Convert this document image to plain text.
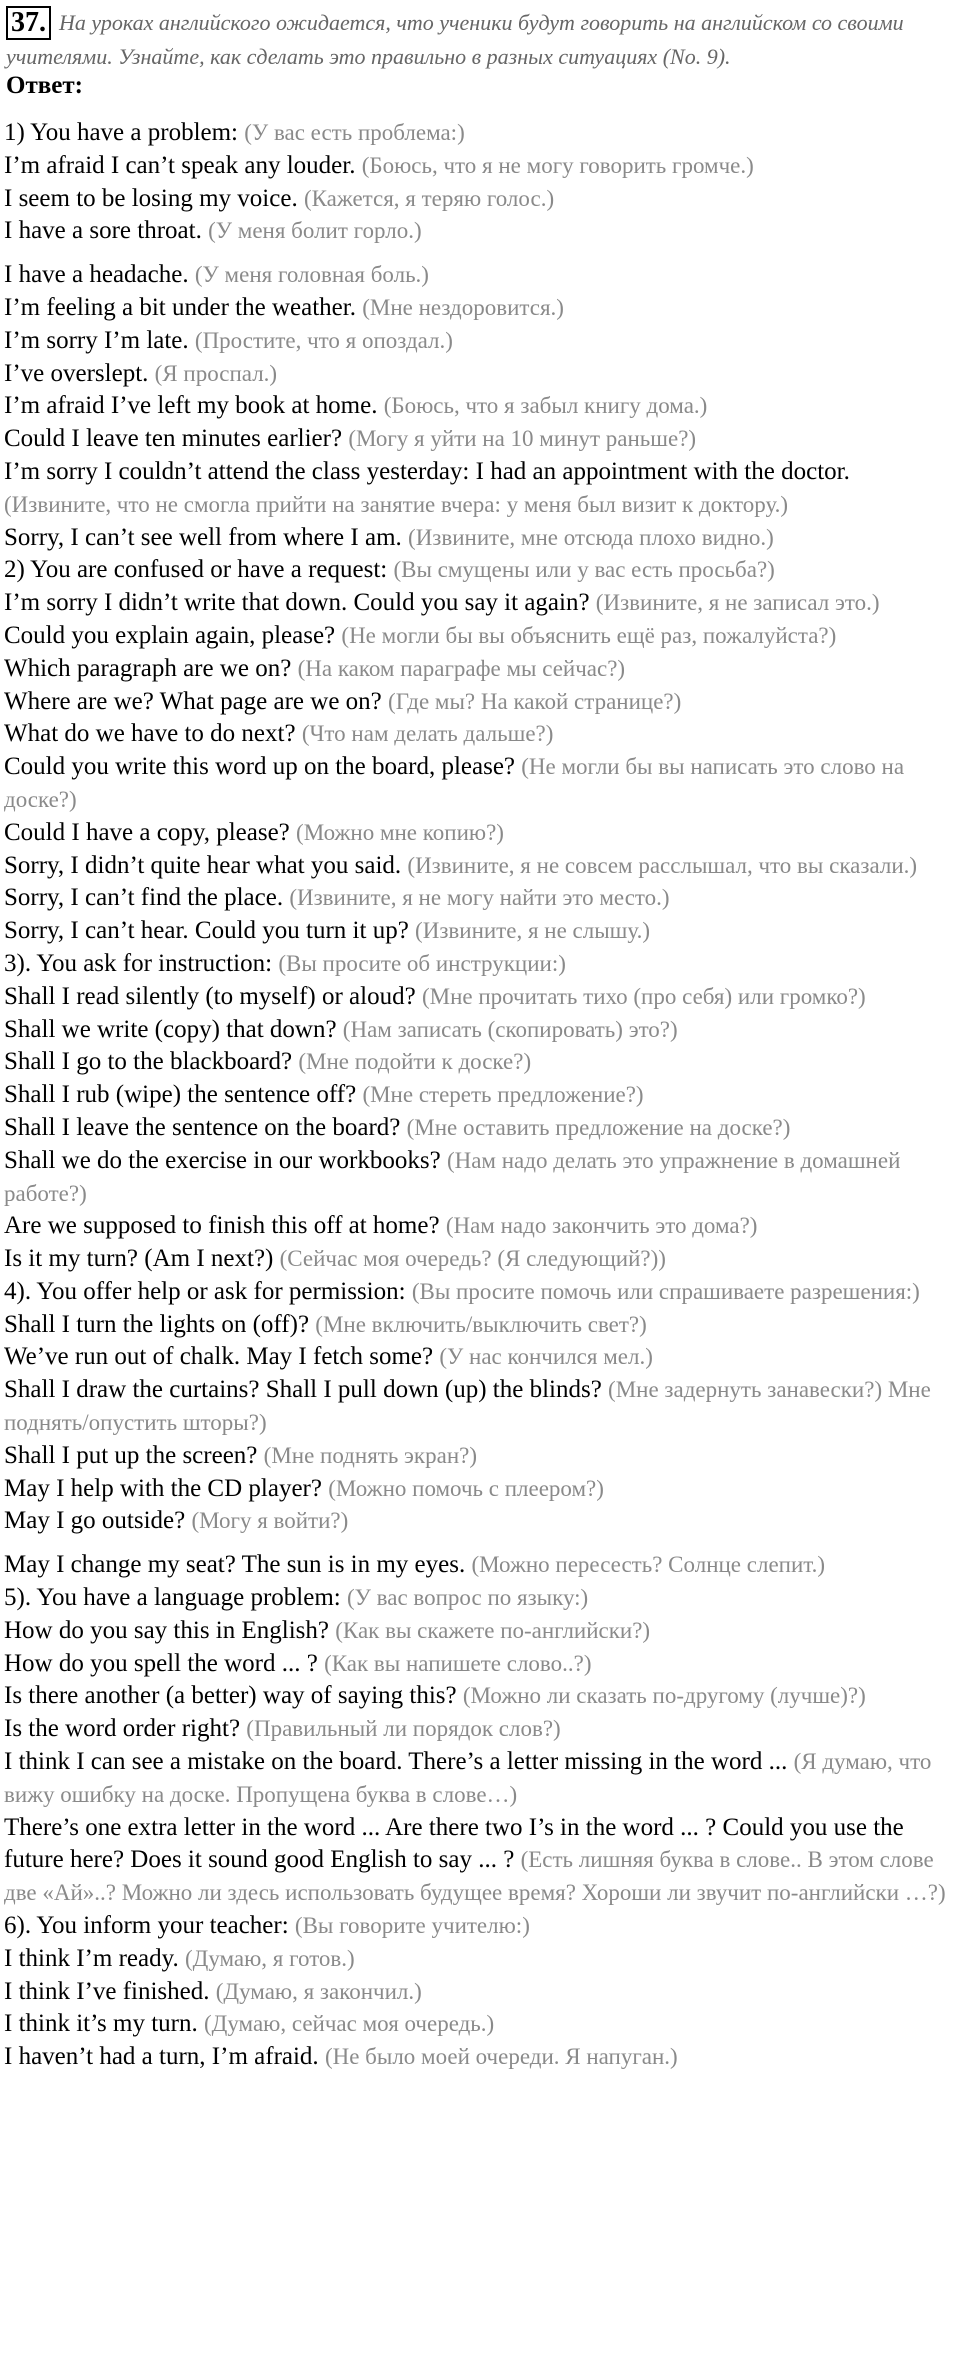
37. На уроках английского ожидается, что ученики будут говорить на английском со своими учителями. Узнайте, как сделать это правильно в разных ситуациях (No. 9).
Ответ:
1) You have a problem: (У вас есть проблема:)
I’m afraid I can’t speak any louder. (Боюсь, что я не могу говорить громче.)
I seem to be losing my voice. (Кажется, я теряю голос.)
I have a sore throat. (У меня болит горло.)
I have a headache. (У меня головная боль.)
I’m feeling a bit under the weather. (Мне нездоровится.)
I’m sorry I’m late. (Простите, что я опоздал.)
I’ve overslept. (Я проспал.)
I’m afraid I’ve left my book at home. (Боюсь, что я забыл книгу дома.)
Could I leave ten minutes earlier? (Могу я уйти на 10 минут раньше?)
I’m sorry I couldn’t attend the class yesterday: I had an appointment with the doctor. (Извините, что не смогла прийти на занятие вчера: у меня был визит к доктору.)
Sorry, I can’t see well from where I am. (Извините, мне отсюда плохо видно.)
2) You are confused or have a request: (Вы смущены или у вас есть просьба?)
I’m sorry I didn’t write that down. Could you say it again? (Извините, я не записал это.)
Could you explain again, please? (Не могли бы вы объяснить ещё раз, пожалуйста?)
Which paragraph are we on? (На каком параграфе мы сейчас?)
Where are we? What page are we on? (Где мы? На какой странице?)
What do we have to do next? (Что нам делать дальше?)
Could you write this word up on the board, please? (Не могли бы вы написать это слово на доске?)
Could I have a copy, please? (Можно мне копию?)
Sorry, I didn’t quite hear what you said. (Извините, я не совсем расслышал, что вы сказали.)
Sorry, I can’t find the place. (Извините, я не могу найти это место.)
Sorry, I can’t hear. Could you turn it up? (Извините, я не слышу.)
3). You ask for instruction: (Вы просите об инструкции:)
Shall I read silently (to myself) or aloud? (Мне прочитать тихо (про себя) или громко?)
Shall we write (copy) that down? (Нам записать (скопировать) это?)
Shall I go to the blackboard? (Мне подойти к доске?)
Shall I rub (wipe) the sentence off? (Мне стереть предложение?)
Shall I leave the sentence on the board? (Мне оставить предложение на доске?)
Shall we do the exercise in our workbooks? (Нам надо делать это упражнение в домашней работе?)
Are we supposed to finish this off at home? (Нам надо закончить это дома?)
Is it my turn? (Am I next?) (Сейчас моя очередь? (Я следующий?))
4). You offer help or ask for permission: (Вы просите помочь или спрашиваете разрешения:)
Shall I turn the lights on (off)? (Мне включить/выключить свет?)
We’ve run out of chalk. May I fetch some? (У нас кончился мел.)
Shall I draw the curtains? Shall I pull down (up) the blinds? (Мне задернуть занавески?) Мне поднять/опустить шторы?)
Shall I put up the screen? (Мне поднять экран?)
May I help with the CD player? (Можно помочь с плеером?)
May I go outside? (Могу я войти?)
May I change my seat? The sun is in my eyes. (Можно пересесть? Солнце слепит.)
5). You have a language problem: (У вас вопрос по языку:)
How do you say this in English? (Как вы скажете по-английски?)
How do you spell the word ... ? (Как вы напишете слово..?)
Is there another (a better) way of saying this? (Можно ли сказать по-другому (лучше)?)
Is the word order right? (Правильный ли порядок слов?)
I think I can see a mistake on the board. There’s a letter missing in the word ... (Я думаю, что вижу ошибку на доске. Пропущена буква в слове…)
There’s one extra letter in the word ... Are there two I’s in the word ... ? Could you use the future here? Does it sound good English to say ... ? (Есть лишняя буква в слове.. В этом слове две «Ай»..? Можно ли здесь использовать будущее время? Хороши ли звучит по-английски …?)
6). You inform your teacher: (Вы говорите учителю:)
I think I’m ready. (Думаю, я готов.)
I think I’ve finished. (Думаю, я закончил.)
I think it’s my turn. (Думаю, сейчас моя очередь.)
I haven’t had a turn, I’m afraid. (Не было моей очереди. Я напуган.)
